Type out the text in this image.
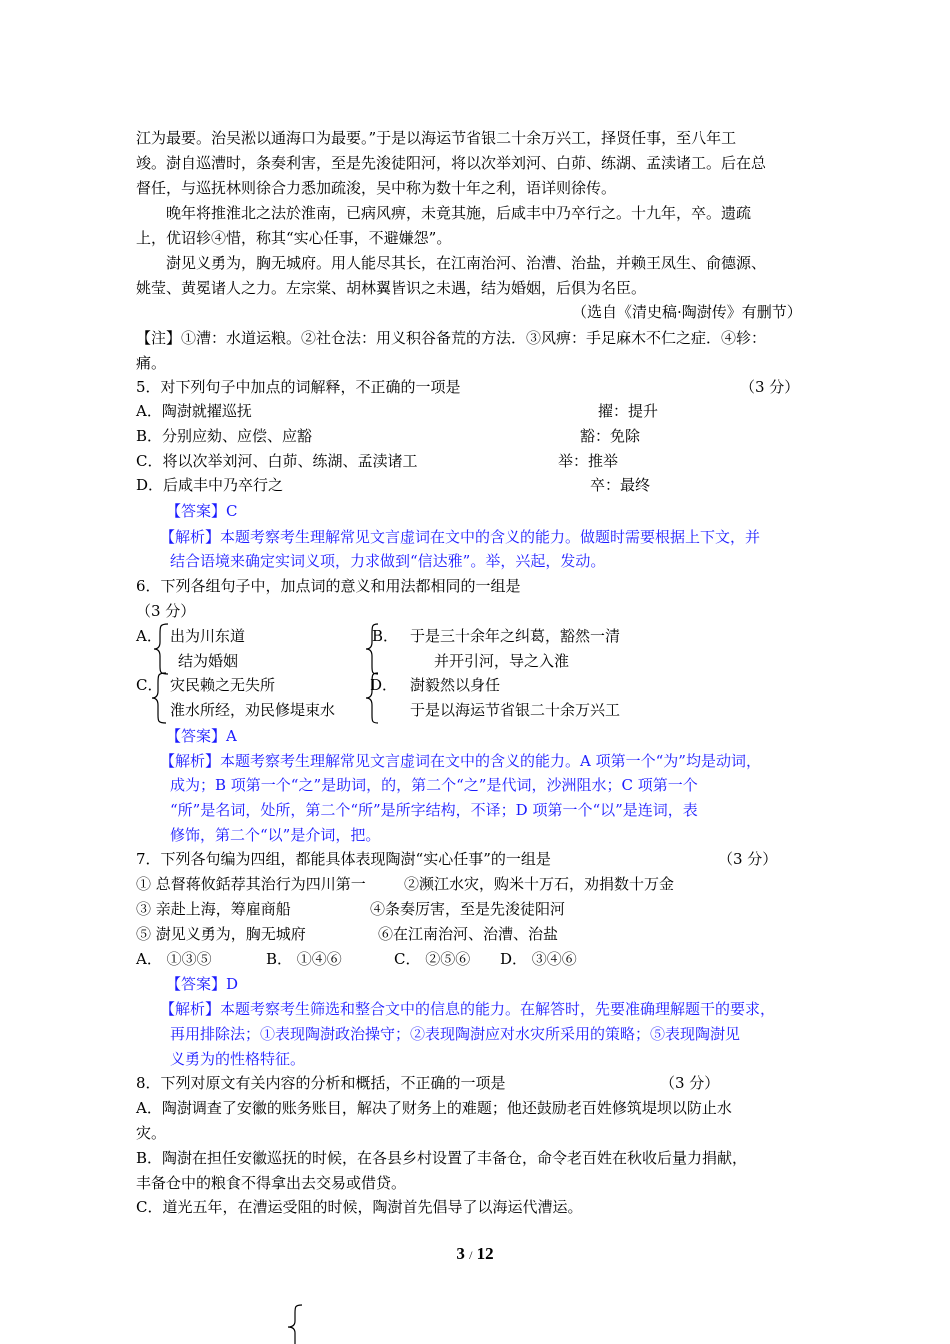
江为最要。治吴淞以通海口为最要。”于是以海运节省银二十余万兴工，择贤任事，至八年工
竣。澍自巡漕时，条奏利害，至是先浚徒阳河，将以次举刘河、白茆、练湖、孟渎诸工。后在总
督任，与巡抚林则徐合力悉加疏浚，吴中称为数十年之利，语详则徐传。
晚年将推淮北之法於淮南，已病风痹，未竟其施，后咸丰中乃卒行之。十九年，卒。遗疏
上，优诏轸④惜，称其“实心任事，不避嫌怨”。
澍见义勇为，胸无城府。用人能尽其长，在江南治河、治漕、治盐，并赖王凤生、俞德源、
姚莹、黄冕诸人之力。左宗棠、胡林翼皆识之未遇，结为婚姻，后俱为名臣。
（选自《清史稿·陶澍传》有删节）
【注】①漕：水道运粮。②社仓法：用义积谷备荒的方法．③风痹：手足麻木不仁之症．④轸：
痛。
5．对下列句子中加点的词解释，不正确的一项是	（3 分）
A．陶澍就擢巡抚	擢：提升
B．分别应劾、应偿、应豁	豁：免除
C．将以次举刘河、白茆、练湖、孟渎诸工	举：推举
D．后咸丰中乃卒行之	卒：最终
【答案】C
【解析】本题考察考生理解常见文言虚词在文中的含义的能力。做题时需要根据上下文，并
结合语境来确定实词义项，力求做到“信达雅”。举，兴起，发动。
6．下列各组句子中，加点词的意义和用法都相同的一组是
（3 分）
A． 出为川东道
结为婚姻
B． 于是三十余年之纠葛，豁然一清
并开引河，导之入淮
C． 灾民赖之无失所
淮水所经，劝民修堤束水
D． 澍毅然以身任
于是以海运节省银二十余万兴工
【答案】A
【解析】本题考察考生理解常见文言虚词在文中的含义的能力。A 项第一个“为”均是动词，
成为；B 项第一个“之”是助词，的，第二个“之”是代词，沙洲阻水；C 项第一个
“所”是名词，处所，第二个“所”是所字结构，不译；D 项第一个“以”是连词，表
修饰，第二个“以”是介词，把。
7．下列各句编为四组，都能具体表现陶澍“实心任事”的一组是	（3 分）
① 总督蒋攸銛荐其治行为四川第一	②濒江水灾，购米十万石，劝捐数十万金
③ 亲赴上海，筹雇商船	④条奏厉害，至是先浚徒阳河
⑤ 澍见义勇为，胸无城府	⑥在江南治河、治漕、治盐
A． ①③⑤	B． ①④⑥	C． ②⑤⑥ D． ③④⑥
【答案】D
【解析】本题考察考生筛选和整合文中的信息的能力。在解答时，先要准确理解题干的要求，
再用排除法；①表现陶澍政治操守；②表现陶澍应对水灾所采用的策略；⑤表现陶澍见
义勇为的性格特征。
8．下列对原文有关内容的分析和概括，不正确的一项是	（3 分）
A．陶澍调查了安徽的账务账目，解决了财务上的难题；他还鼓励老百姓修筑堤坝以防止水
灾。
B．陶澍在担任安徽巡抚的时候，在各县乡村设置了丰备仓，命令老百姓在秋收后量力捐献，
丰备仓中的粮食不得拿出去交易或借贷。
C．道光五年，在漕运受阻的时候，陶澍首先倡导了以海运代漕运。
3 / 12
